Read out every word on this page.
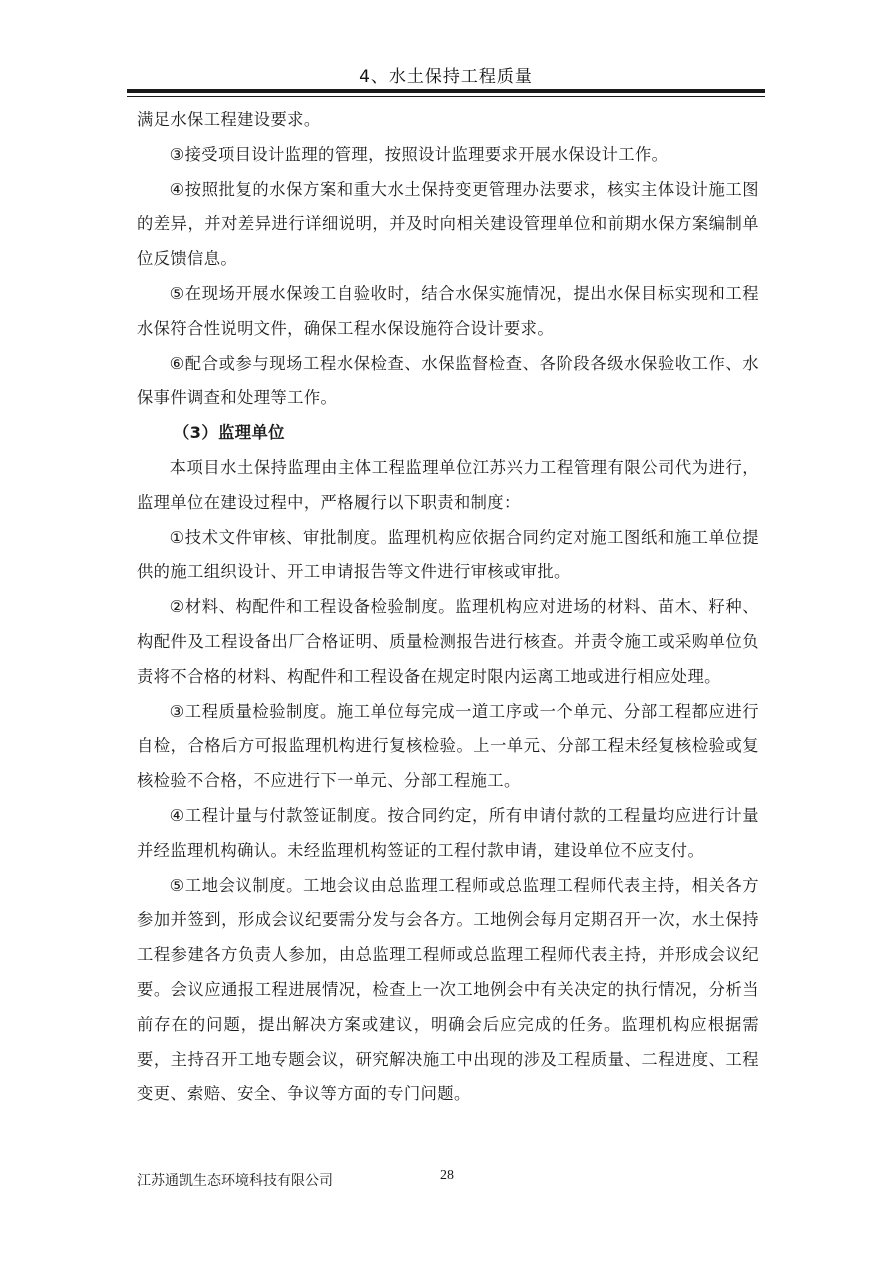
4、水土保持工程质量

满足水保工程建设要求。

③接受项目设计监理的管理，按照设计监理要求开展水保设计工作。

④按照批复的水保方案和重大水土保持变更管理办法要求，核实主体设计施工图的差异，并对差异进行详细说明，并及时向相关建设管理单位和前期水保方案编制单位反馈信息。

⑤在现场开展水保竣工自验收时，结合水保实施情况，提出水保目标实现和工程水保符合性说明文件，确保工程水保设施符合设计要求。

⑥配合或参与现场工程水保检查、水保监督检查、各阶段各级水保验收工作、水保事件调查和处理等工作。

（3）监理单位

本项目水土保持监理由主体工程监理单位江苏兴力工程管理有限公司代为进行，监理单位在建设过程中，严格履行以下职责和制度：

①技术文件审核、审批制度。监理机构应依据合同约定对施工图纸和施工单位提供的施工组织设计、开工申请报告等文件进行审核或审批。

②材料、构配件和工程设备检验制度。监理机构应对进场的材料、苗木、籽种、构配件及工程设备出厂合格证明、质量检测报告进行核查。并责令施工或采购单位负责将不合格的材料、构配件和工程设备在规定时限内运离工地或进行相应处理。

③工程质量检验制度。施工单位每完成一道工序或一个单元、分部工程都应进行自检，合格后方可报监理机构进行复核检验。上一单元、分部工程未经复核检验或复核检验不合格，不应进行下一单元、分部工程施工。

④工程计量与付款签证制度。按合同约定，所有申请付款的工程量均应进行计量并经监理机构确认。未经监理机构签证的工程付款申请，建设单位不应支付。

⑤工地会议制度。工地会议由总监理工程师或总监理工程师代表主持，相关各方参加并签到，形成会议纪要需分发与会各方。工地例会每月定期召开一次，水土保持工程参建各方负责人参加，由总监理工程师或总监理工程师代表主持，并形成会议纪要。会议应通报工程进展情况，检查上一次工地例会中有关决定的执行情况，分析当前存在的问题，提出解决方案或建议，明确会后应完成的任务。监理机构应根据需要，主持召开工地专题会议，研究解决施工中出现的涉及工程质量、二程进度、工程变更、索赔、安全、争议等方面的专门问题。

江苏通凯生态环境科技有限公司	28
